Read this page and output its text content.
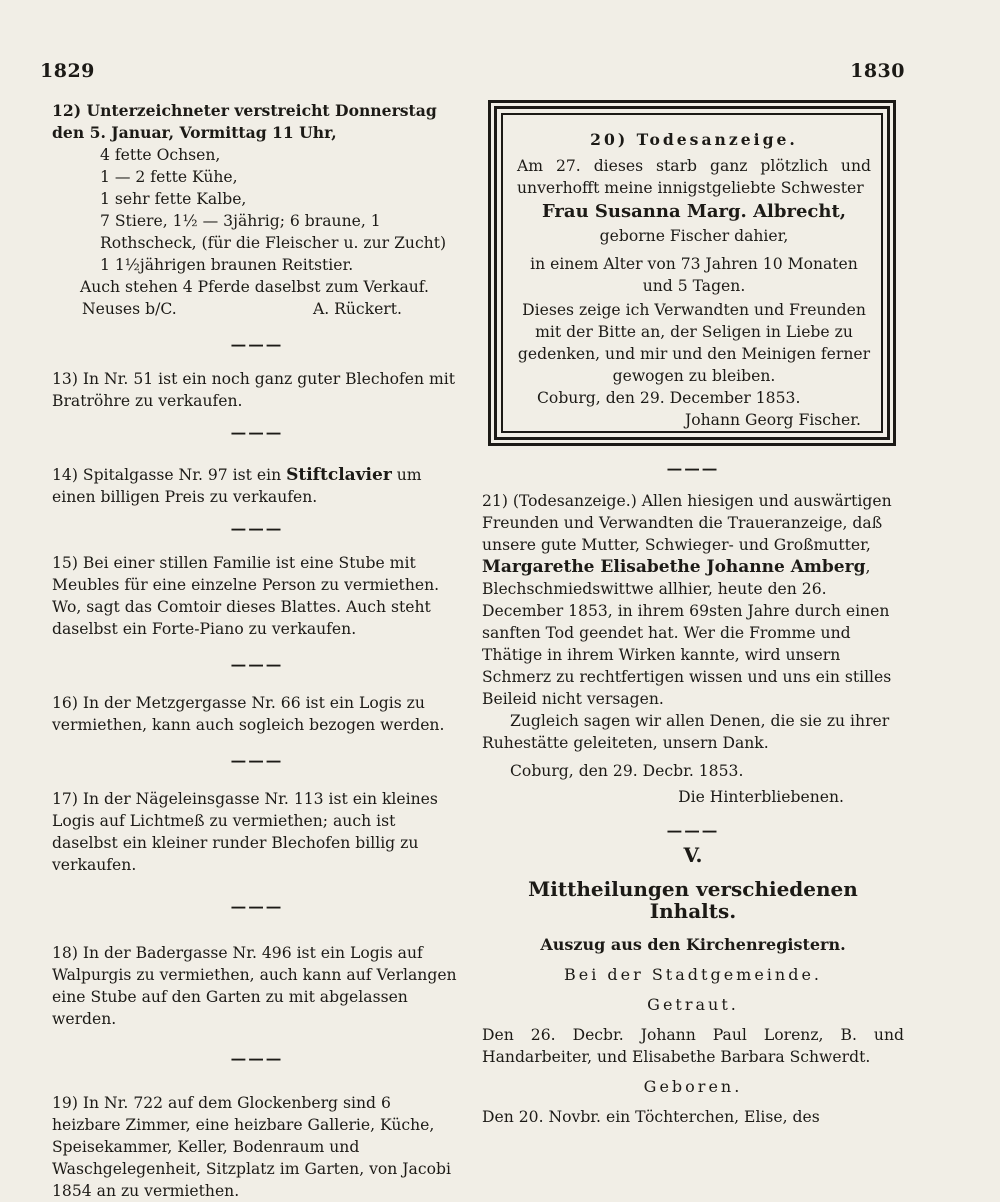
1829	1830

12) Unterzeichneter verstreicht Donnerstag den 5. Januar, Vormittag 11 Uhr,

4 fette Ochsen,

1 — 2 fette Kühe,

1 sehr fette Kalbe,

7 Stiere, 1½ — 3jährig; 6 braune, 1 Rothscheck, (für die Fleischer u. zur Zucht)

1 1½jährigen braunen Reitstier.

Auch stehen 4 Pferde daselbst zum Verkauf.

Neuses b/C.	A. Rückert.
———

13) In Nr. 51 ist ein noch ganz guter Blechofen mit Bratröhre zu verkaufen.

———

14) Spitalgasse Nr. 97 ist ein Stiftclavier um einen billigen Preis zu verkaufen.

———

15) Bei einer stillen Familie ist eine Stube mit Meubles für eine einzelne Person zu vermiethen. Wo, sagt das Comtoir dieses Blattes. Auch steht daselbst ein Forte-Piano zu verkaufen.

———

16) In der Metzgergasse Nr. 66 ist ein Logis zu vermiethen, kann auch sogleich bezogen werden.

———

17) In der Nägeleinsgasse Nr. 113 ist ein kleines Logis auf Lichtmeß zu vermiethen; auch ist daselbst ein kleiner runder Blechofen billig zu verkaufen.

———

18) In der Badergasse Nr. 496 ist ein Logis auf Walpurgis zu vermiethen, auch kann auf Verlangen eine Stube auf den Garten zu mit abgelassen werden.

———

19) In Nr. 722 auf dem Glockenberg sind 6 heizbare Zimmer, eine heizbare Gallerie, Küche, Speisekammer, Keller, Bodenraum und Waschgelegenheit, Sitzplatz im Garten, von Jacobi 1854 an zu vermiethen.

20) Todesanzeige.

Am 27. dieses starb ganz plötzlich und unverhofft meine innigstgeliebte Schwester

Frau Susanna Marg. Albrecht,

geborne Fischer dahier,

in einem Alter von 73 Jahren 10 Monaten und 5 Tagen.

Dieses zeige ich Verwandten und Freunden mit der Bitte an, der Seligen in Liebe zu gedenken, und mir und den Meinigen ferner gewogen zu bleiben.

Coburg, den 29. December 1853.

Johann Georg Fischer.

———

21) (Todesanzeige.) Allen hiesigen und auswärtigen Freunden und Verwandten die Traueranzeige, daß unsere gute Mutter, Schwieger- und Großmutter, Margarethe Elisabethe Johanne Amberg, Blechschmiedswittwe allhier, heute den 26. December 1853, in ihrem 69sten Jahre durch einen sanften Tod geendet hat. Wer die Fromme und Thätige in ihrem Wirken kannte, wird unsern Schmerz zu rechtfertigen wissen und uns ein stilles Beileid nicht versagen.

Zugleich sagen wir allen Denen, die sie zu ihrer Ruhestätte geleiteten, unsern Dank.

Coburg, den 29. Decbr. 1853.

Die Hinterbliebenen.

———
V.
Mittheilungen verschiedenen Inhalts.
Auszug aus den Kirchenregistern.
Bei der Stadtgemeinde.
Getraut.

Den 26. Decbr. Johann Paul Lorenz, B. und Handarbeiter, und Elisabethe Barbara Schwerdt.

Geboren.

Den 20. Novbr. ein Töchterchen, Elise, des
